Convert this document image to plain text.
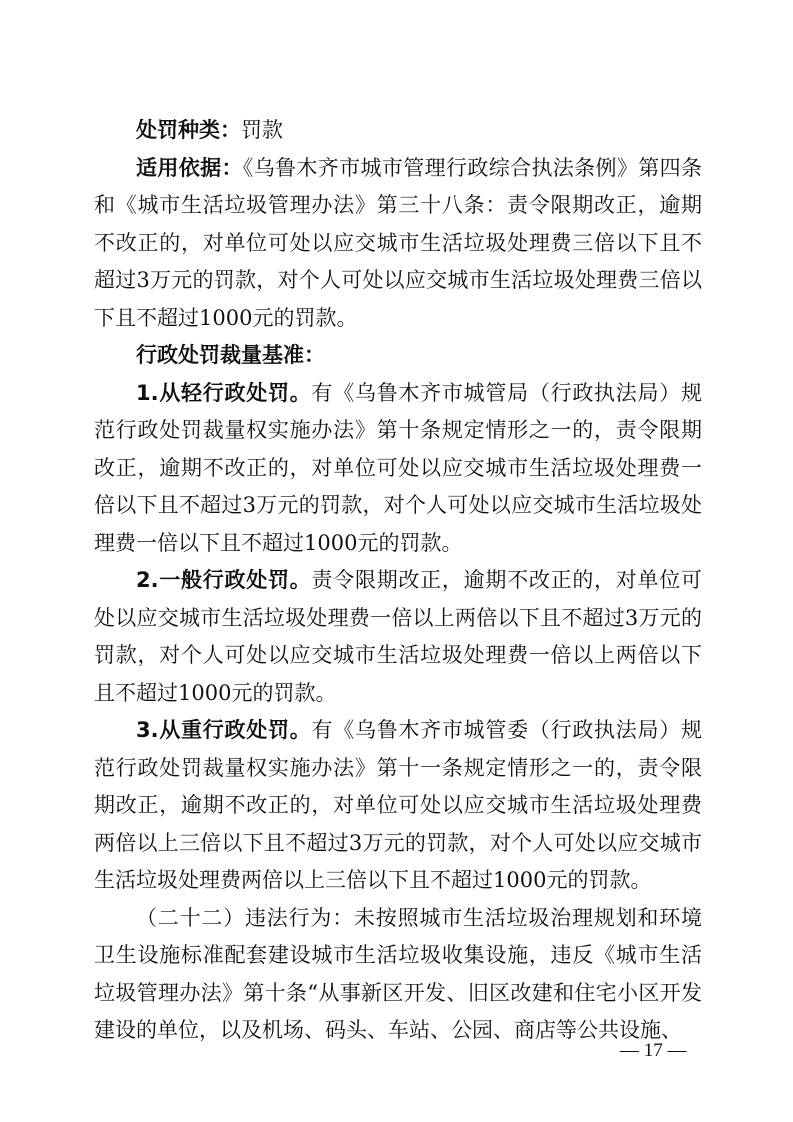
处罚种类：罚款

适用依据：《乌鲁木齐市城市管理行政综合执法条例》第四条和《城市生活垃圾管理办法》第三十八条：责令限期改正，逾期不改正的，对单位可处以应交城市生活垃圾处理费三倍以下且不超过3万元的罚款，对个人可处以应交城市生活垃圾处理费三倍以下且不超过1000元的罚款。

行政处罚裁量基准：

1.从轻行政处罚。有《乌鲁木齐市城管局（行政执法局）规范行政处罚裁量权实施办法》第十条规定情形之一的，责令限期改正，逾期不改正的，对单位可处以应交城市生活垃圾处理费一倍以下且不超过3万元的罚款，对个人可处以应交城市生活垃圾处理费一倍以下且不超过1000元的罚款。

2.一般行政处罚。责令限期改正，逾期不改正的，对单位可处以应交城市生活垃圾处理费一倍以上两倍以下且不超过3万元的罚款，对个人可处以应交城市生活垃圾处理费一倍以上两倍以下且不超过1000元的罚款。

3.从重行政处罚。有《乌鲁木齐市城管委（行政执法局）规范行政处罚裁量权实施办法》第十一条规定情形之一的，责令限期改正，逾期不改正的，对单位可处以应交城市生活垃圾处理费两倍以上三倍以下且不超过3万元的罚款，对个人可处以应交城市生活垃圾处理费两倍以上三倍以下且不超过1000元的罚款。

（二十二）违法行为：未按照城市生活垃圾治理规划和环境卫生设施标准配套建设城市生活垃圾收集设施，违反《城市生活垃圾管理办法》第十条“从事新区开发、旧区改建和住宅小区开发建设的单位，以及机场、码头、车站、公园、商店等公共设施、

— 17 —
